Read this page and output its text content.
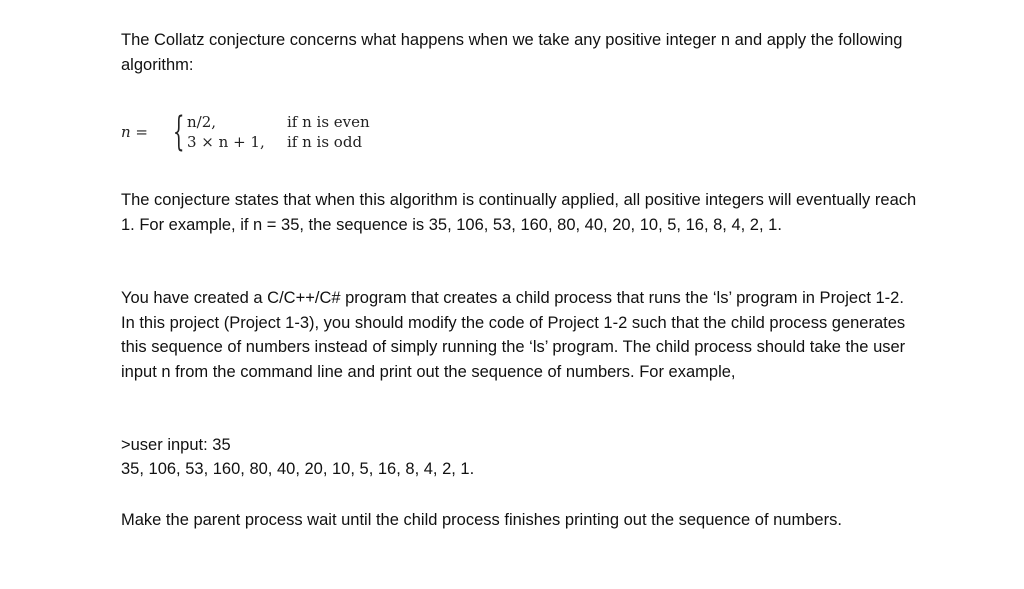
The Collatz conjecture concerns what happens when we take any positive integer n and apply the following algorithm:

n = { n/2,	if n is even
3 × n + 1, if n is odd

The conjecture states that when this algorithm is continually applied, all positive integers will eventually reach 1. For example, if n = 35, the sequence is 35, 106, 53, 160, 80, 40, 20, 10, 5, 16, 8, 4, 2, 1.

You have created a C/C++/C# program that creates a child process that runs the ‘ls’ program in Project 1-2. In this project (Project 1-3), you should modify the code of Project 1-2 such that the child process generates this sequence of numbers instead of simply running the ‘ls’ program. The child process should take the user input n from the command line and print out the sequence of numbers. For example,

>user input: 35

35, 106, 53, 160, 80, 40, 20, 10, 5, 16, 8, 4, 2, 1.

Make the parent process wait until the child process finishes printing out the sequence of numbers.
